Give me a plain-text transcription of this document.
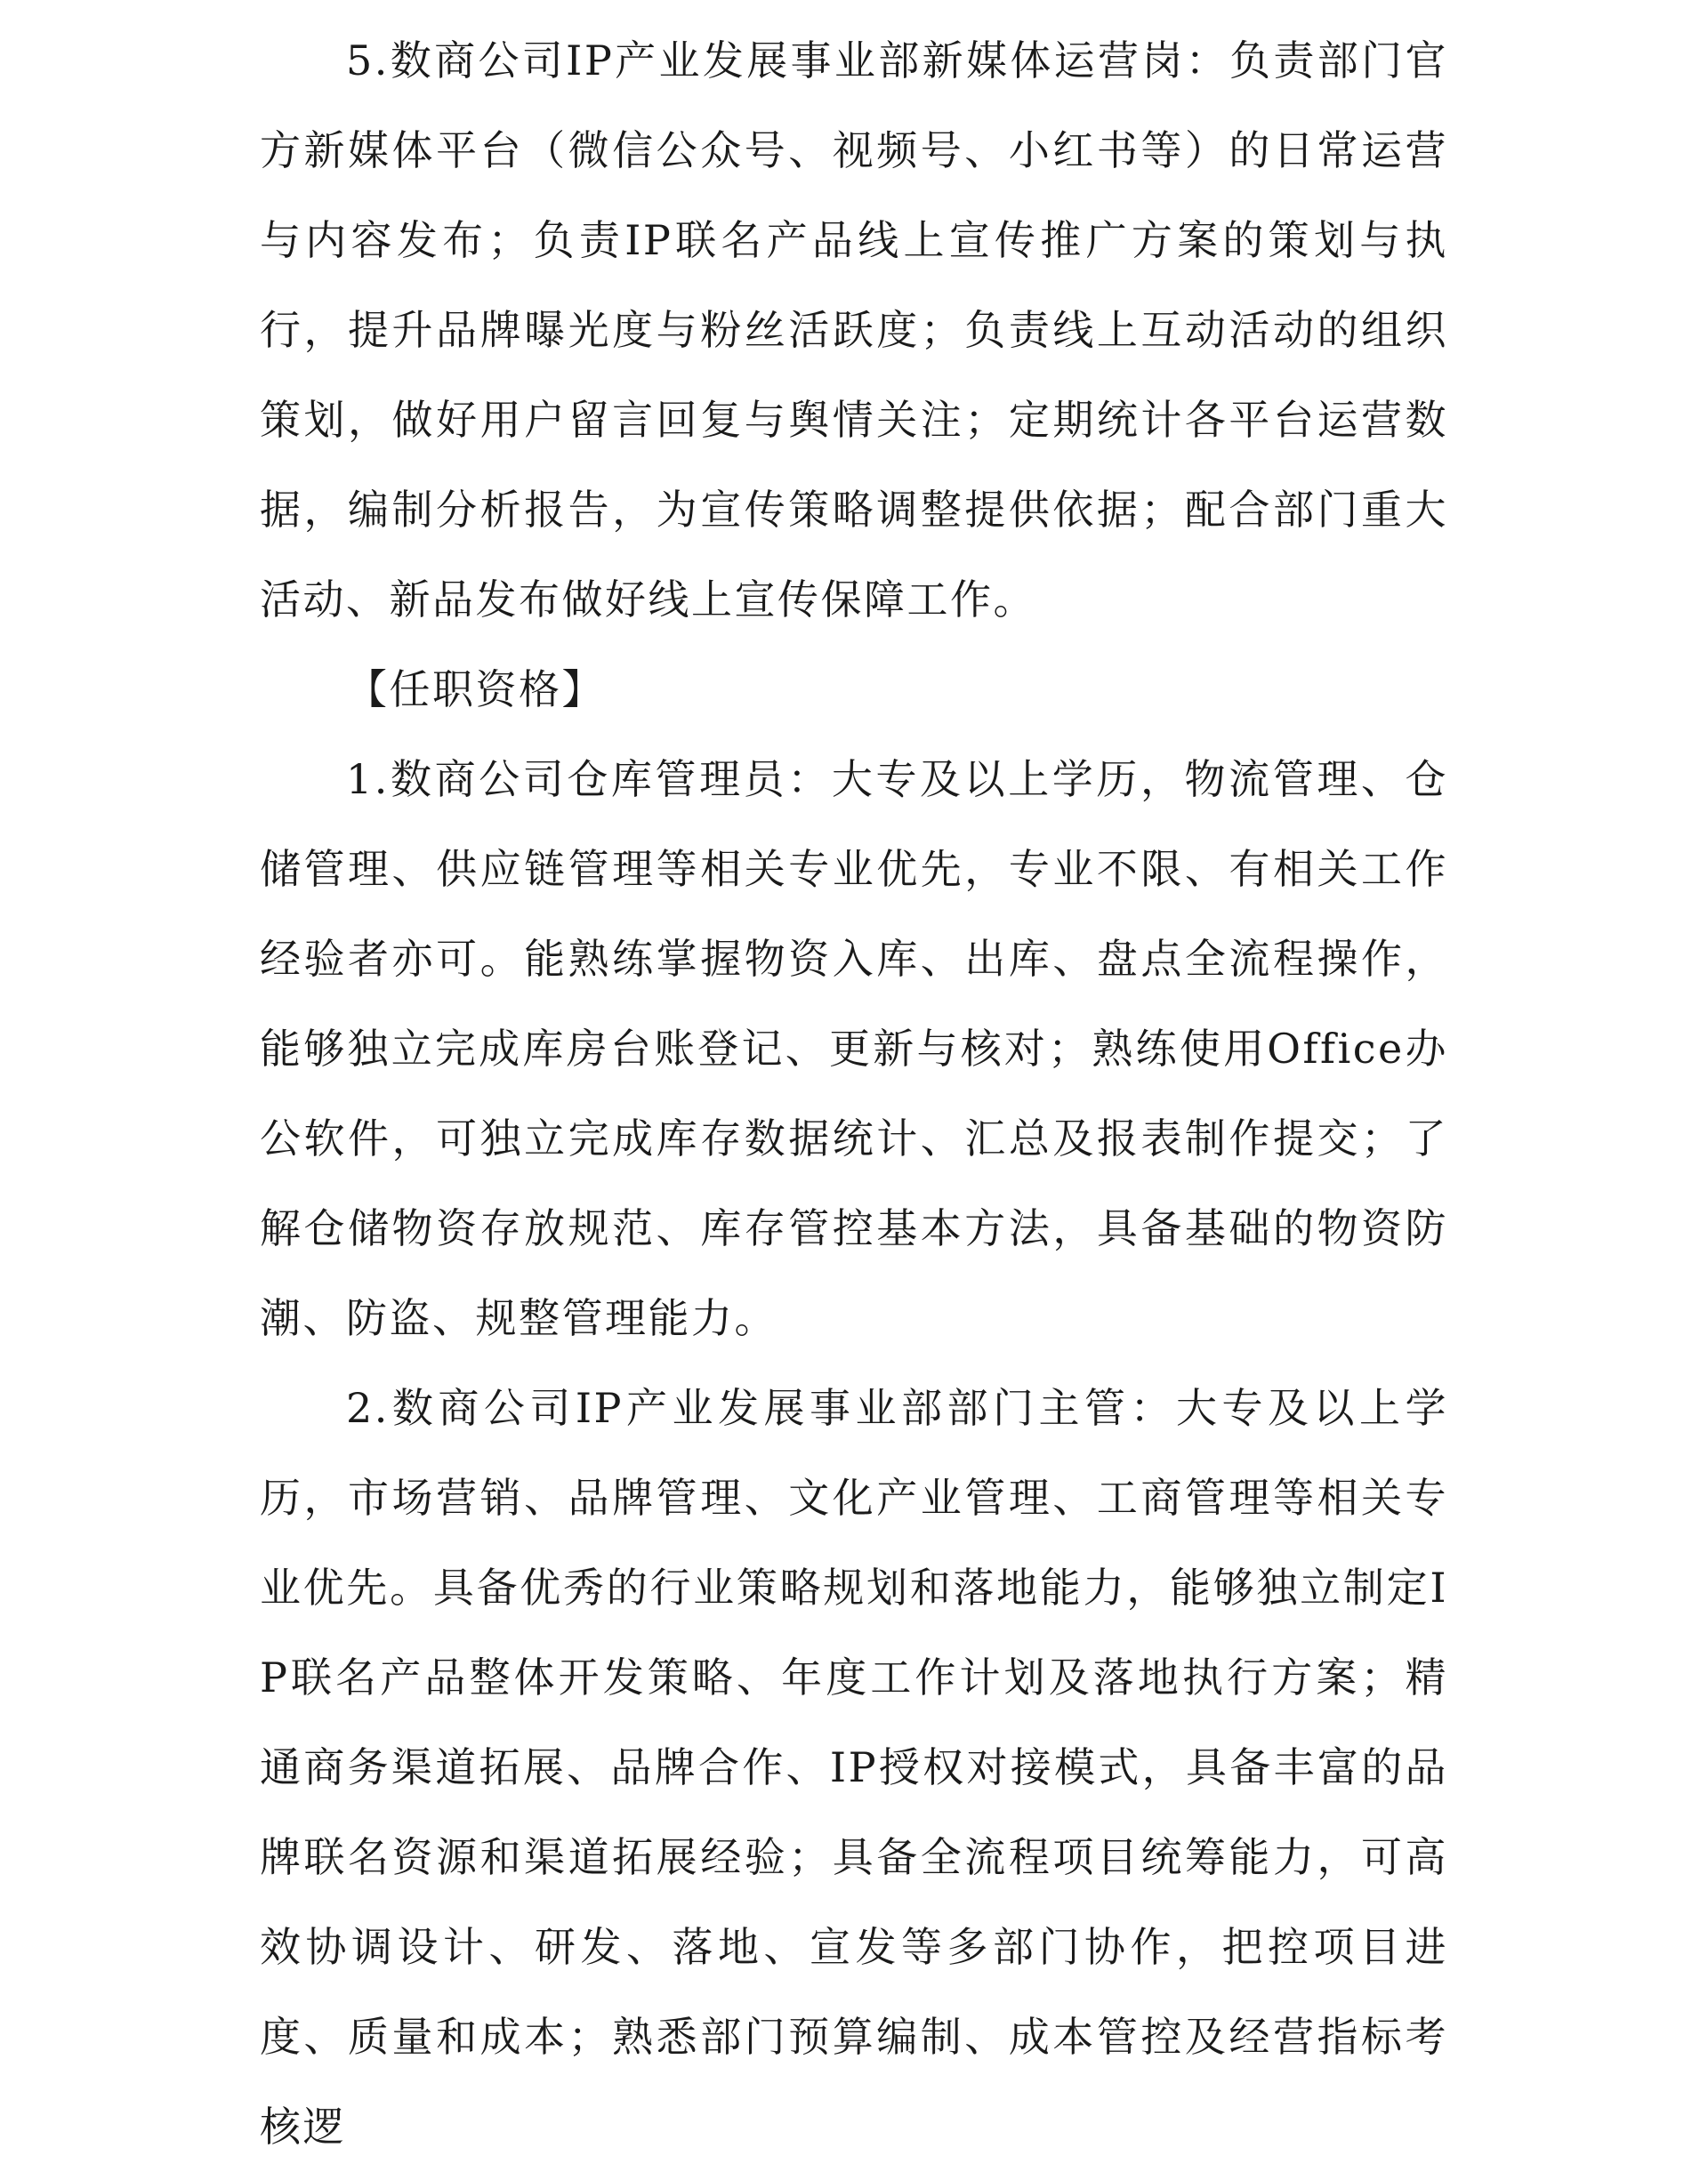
5.数商公司IP产业发展事业部新媒体运营岗：负责部门官方新媒体平台（微信公众号、视频号、小红书等）的日常运营与内容发布；负责IP联名产品线上宣传推广方案的策划与执行，提升品牌曝光度与粉丝活跃度；负责线上互动活动的组织策划，做好用户留言回复与舆情关注；定期统计各平台运营数据，编制分析报告，为宣传策略调整提供依据；配合部门重大活动、新品发布做好线上宣传保障工作。

【任职资格】

1.数商公司仓库管理员：大专及以上学历，物流管理、仓储管理、供应链管理等相关专业优先，专业不限、有相关工作经验者亦可。能熟练掌握物资入库、出库、盘点全流程操作，能够独立完成库房台账登记、更新与核对；熟练使用Office办公软件，可独立完成库存数据统计、汇总及报表制作提交；了解仓储物资存放规范、库存管控基本方法，具备基础的物资防潮、防盗、规整管理能力。

2.数商公司IP产业发展事业部部门主管：大专及以上学历，市场营销、品牌管理、文化产业管理、工商管理等相关专业优先。具备优秀的行业策略规划和落地能力，能够独立制定IP联名产品整体开发策略、年度工作计划及落地执行方案；精通商务渠道拓展、品牌合作、IP授权对接模式，具备丰富的品牌联名资源和渠道拓展经验；具备全流程项目统筹能力，可高效协调设计、研发、落地、宣发等多部门协作，把控项目进度、质量和成本；熟悉部门预算编制、成本管控及经营指标考核逻
